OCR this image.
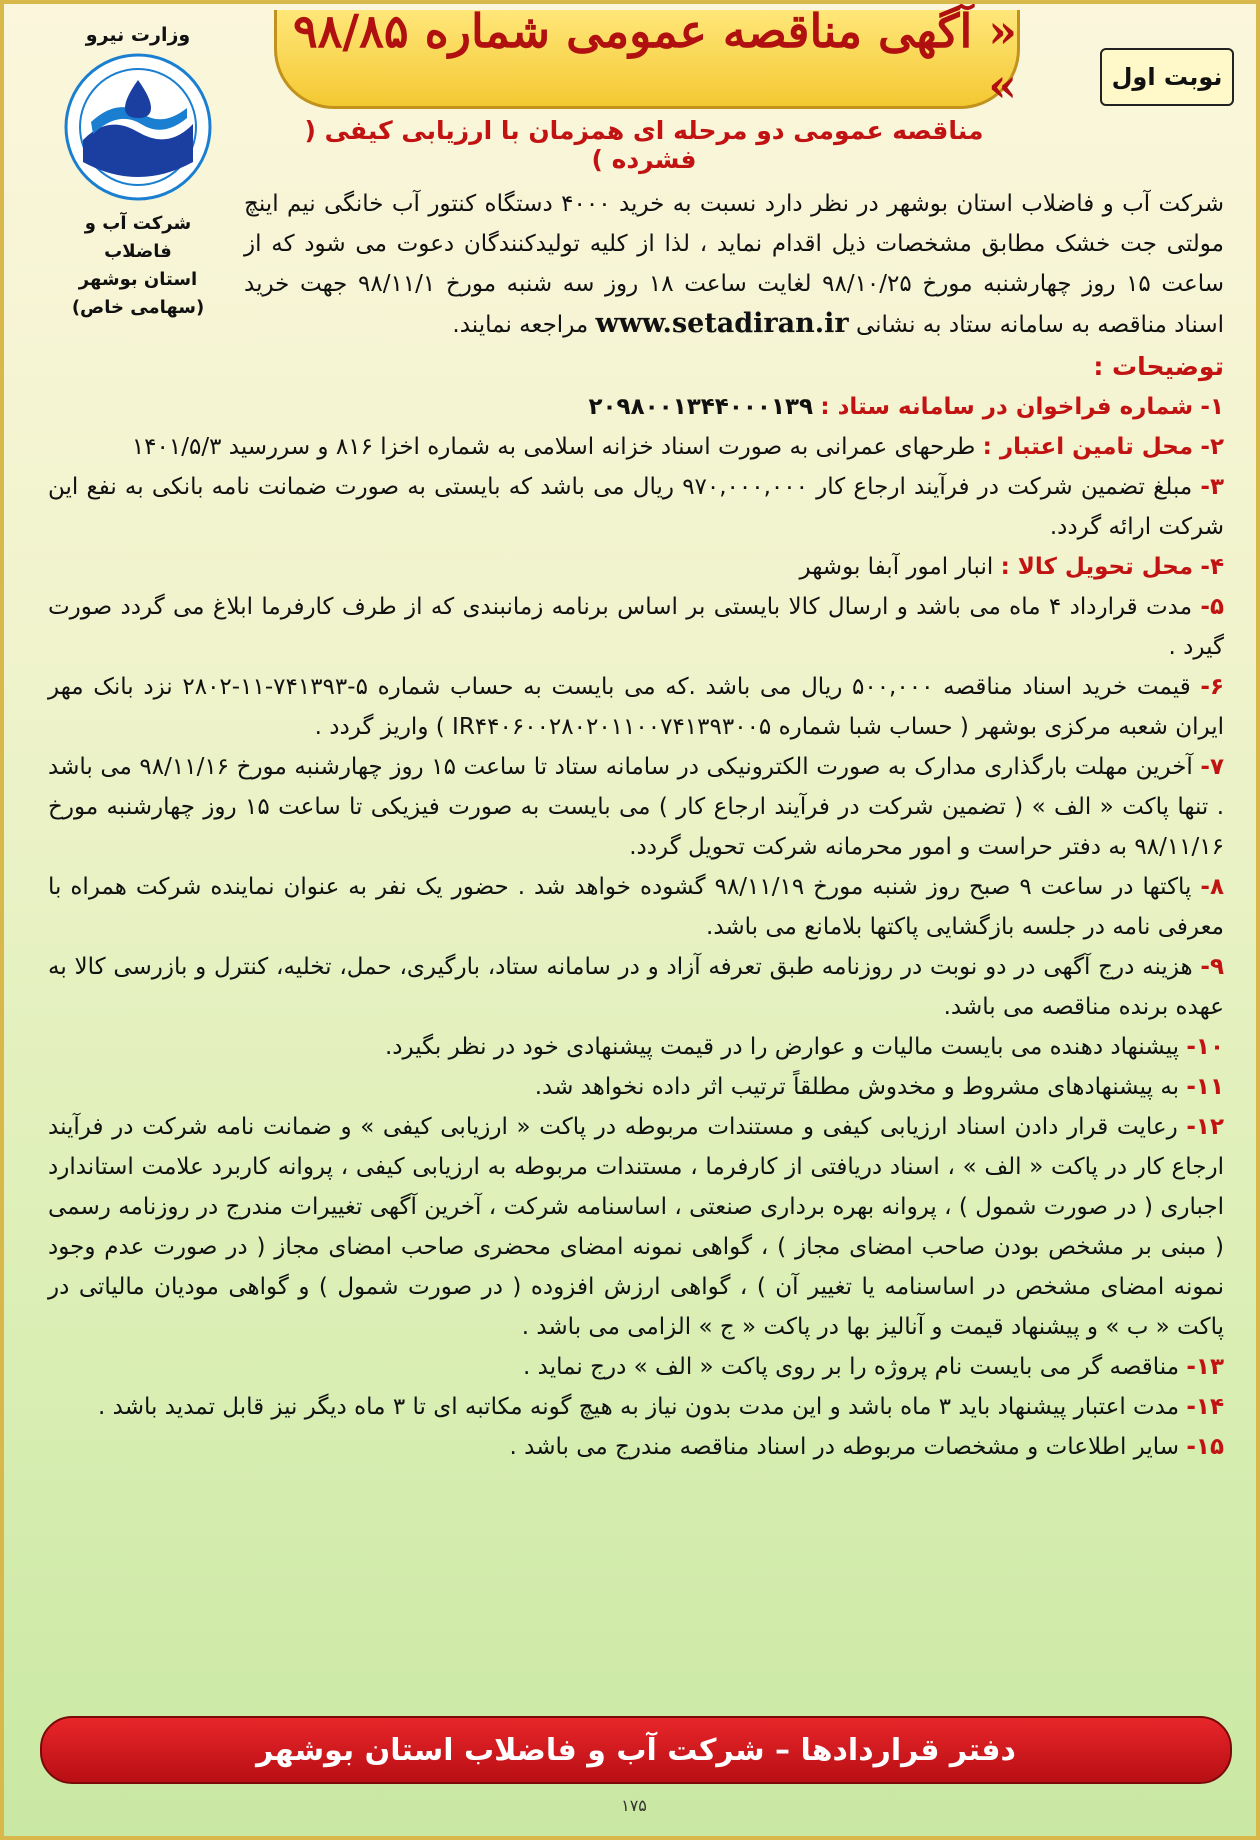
« آگهی مناقصه عمومی شماره ۹۸/۸۵ »	نوبت اول
وزارت نیرو
شرکت آب و فاضلاب
استان بوشهر
(سهامی خاص)
مناقصه عمومی دو مرحله ای همزمان با ارزیابی کیفی ( فشرده )

شرکت آب و فاضلاب استان بوشهر در نظر دارد نسبت به خرید ۴۰۰۰ دستگاه کنتور آب خانگی نیم اینچ مولتی جت خشک مطابق مشخصات ذیل اقدام نماید ، لذا از کلیه تولیدکنندگان دعوت می شود که از ساعت ۱۵ روز چهارشنبه مورخ ۹۸/۱۰/۲۵ لغایت ساعت ۱۸ روز سه شنبه مورخ ۹۸/۱۱/۱ جهت خرید اسناد مناقصه به سامانه ستاد به نشانی www.setadiran.ir مراجعه نمایند.

توضیحات :

۱- شماره فراخوان در سامانه ستاد : ۲۰۹۸۰۰۱۳۴۴۰۰۰۱۳۹

۲- محل تامین اعتبار : طرحهای عمرانی به صورت اسناد خزانه اسلامی به شماره اخزا ۸۱۶ و سررسید ۱۴۰۱/۵/۳

۳- مبلغ تضمین شرکت در فرآیند ارجاع کار ۹۷۰,۰۰۰,۰۰۰ ریال می باشد که بایستی به صورت ضمانت نامه بانکی به نفع این شرکت ارائه گردد.

۴- محل تحویل کالا : انبار امور آبفا بوشهر

۵- مدت قرارداد ۴ ماه می باشد و ارسال کالا بایستی بر اساس برنامه زمانبندی که از طرف کارفرما ابلاغ می گردد صورت گیرد .

۶- قیمت خرید اسناد مناقصه ۵۰۰,۰۰۰ ریال می باشد .که می بایست به حساب شماره ۵-۷۴۱۳۹۳-۱۱-۲۸۰۲ نزد بانک مهر ایران شعبه مرکزی بوشهر ( حساب شبا شماره IR۴۴۰۶۰۰۲۸۰۲۰۱۱۰۰۷۴۱۳۹۳۰۰۵ ) واریز گردد .

۷- آخرین مهلت بارگذاری مدارک به صورت الکترونیکی در سامانه ستاد تا ساعت ۱۵ روز چهارشنبه مورخ ۹۸/۱۱/۱۶ می باشد . تنها پاکت « الف » ( تضمین شرکت در فرآیند ارجاع کار ) می بایست به صورت فیزیکی تا ساعت ۱۵ روز چهارشنبه مورخ ۹۸/۱۱/۱۶ به دفتر حراست و امور محرمانه شرکت تحویل گردد.

۸- پاکتها در ساعت ۹ صبح روز شنبه مورخ ۹۸/۱۱/۱۹ گشوده خواهد شد . حضور یک نفر به عنوان نماینده شرکت همراه با معرفی نامه در جلسه بازگشایی پاکتها بلامانع می باشد.

۹- هزینه درج آگهی در دو نوبت در روزنامه طبق تعرفه آزاد و در سامانه ستاد، بارگیری، حمل، تخلیه، کنترل و بازرسی کالا به عهده برنده مناقصه می باشد.

۱۰- پیشنهاد دهنده می بایست مالیات و عوارض را در قیمت پیشنهادی خود در نظر بگیرد.

۱۱- به پیشنهادهای مشروط و مخدوش مطلقاً ترتیب اثر داده نخواهد شد.

۱۲- رعایت قرار دادن اسناد ارزیابی کیفی و مستندات مربوطه در پاکت « ارزیابی کیفی » و ضمانت نامه شرکت در فرآیند ارجاع کار در پاکت « الف » ، اسناد دریافتی از کارفرما ، مستندات مربوطه به ارزیابی کیفی ، پروانه کاربرد علامت استاندارد اجباری ( در صورت شمول ) ، پروانه بهره برداری صنعتی ، اساسنامه شرکت ، آخرین آگهی تغییرات مندرج در روزنامه رسمی ( مبنی بر مشخص بودن صاحب امضای مجاز ) ، گواهی نمونه امضای محضری صاحب امضای مجاز ( در صورت عدم وجود نمونه امضای مشخص در اساسنامه یا تغییر آن ) ، گواهی ارزش افزوده ( در صورت شمول ) و گواهی مودیان مالیاتی در پاکت « ب » و پیشنهاد قیمت و آنالیز بها در پاکت « ج » الزامی می باشد .

۱۳- مناقصه گر می بایست نام پروژه را بر روی پاکت « الف » درج نماید .

۱۴- مدت اعتبار پیشنهاد باید ۳ ماه باشد و این مدت بدون نیاز به هیچ گونه مکاتبه ای تا ۳ ماه دیگر نیز قابل تمدید باشد .

۱۵- سایر اطلاعات و مشخصات مربوطه در اسناد مناقصه مندرج می باشد .

دفتر قراردادها – شرکت آب و فاضلاب استان بوشهر
۱۷۵
